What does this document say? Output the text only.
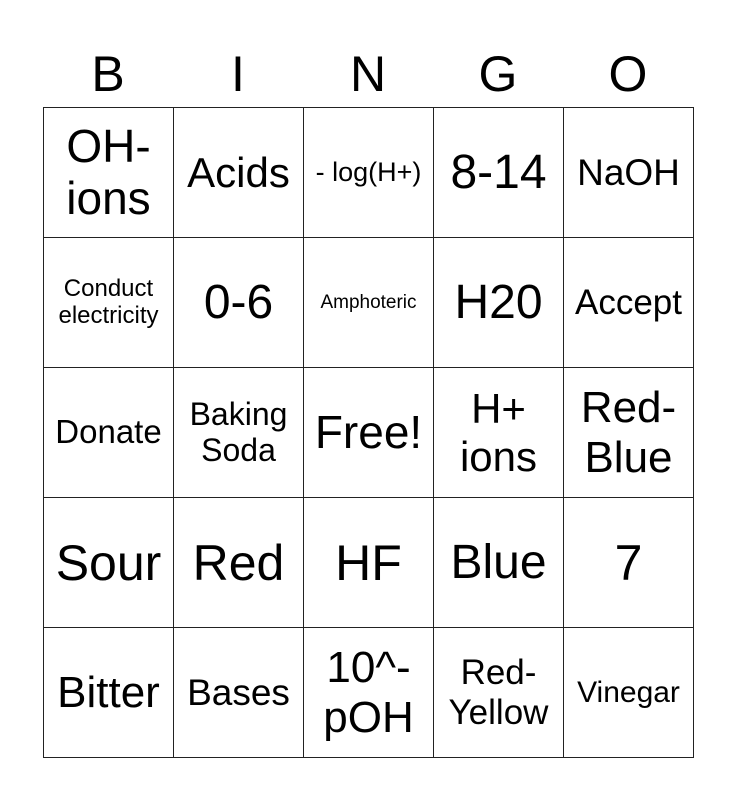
B	I	N	G	O
OH- ions	Acids	- log(H+)	8-14	NaOH
Conduct electricity	0-6	Amphoteric	H20	Accept
Donate	Baking Soda	Free!	H+ ions	Red- Blue
Sour	Red	HF	Blue	7
Bitter	Bases	10^- pOH	Red- Yellow	Vinegar
